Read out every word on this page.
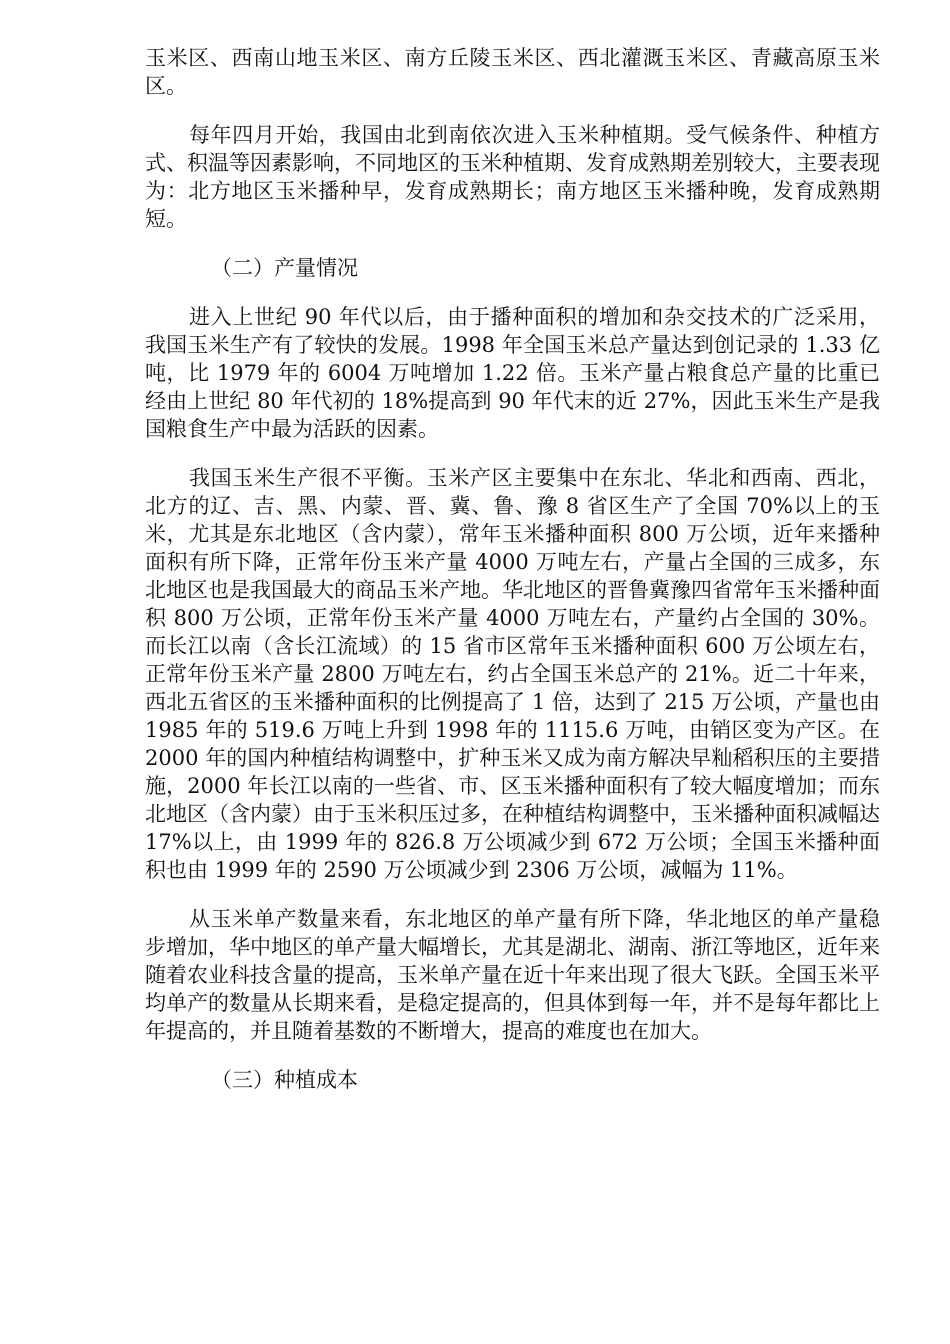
玉米区、西南山地玉米区、南方丘陵玉米区、西北灌溉玉米区、青藏高原玉米区。

每年四月开始，我国由北到南依次进入玉米种植期。受气候条件、种植方式、积温等因素影响，不同地区的玉米种植期、发育成熟期差别较大，主要表现为：北方地区玉米播种早，发育成熟期长；南方地区玉米播种晚，发育成熟期短。

（二）产量情况

进入上世纪 90 年代以后，由于播种面积的增加和杂交技术的广泛采用，我国玉米生产有了较快的发展。1998 年全国玉米总产量达到创记录的 1.33 亿吨，比 1979 年的 6004 万吨增加 1.22 倍。玉米产量占粮食总产量的比重已经由上世纪 80 年代初的 18%提高到 90 年代末的近 27%，因此玉米生产是我国粮食生产中最为活跃的因素。

我国玉米生产很不平衡。玉米产区主要集中在东北、华北和西南、西北，北方的辽、吉、黑、内蒙、晋、冀、鲁、豫 8 省区生产了全国 70%以上的玉米，尤其是东北地区（含内蒙），常年玉米播种面积 800 万公顷，近年来播种面积有所下降，正常年份玉米产量 4000 万吨左右，产量占全国的三成多，东北地区也是我国最大的商品玉米产地。华北地区的晋鲁冀豫四省常年玉米播种面积 800 万公顷，正常年份玉米产量 4000 万吨左右，产量约占全国的 30%。而长江以南（含长江流域）的 15 省市区常年玉米播种面积 600 万公顷左右，正常年份玉米产量 2800 万吨左右，约占全国玉米总产的 21%。近二十年来，西北五省区的玉米播种面积的比例提高了 1 倍，达到了 215 万公顷，产量也由 1985 年的 519.6 万吨上升到 1998 年的 1115.6 万吨，由销区变为产区。在 2000 年的国内种植结构调整中，扩种玉米又成为南方解决早籼稻积压的主要措施，2000 年长江以南的一些省、市、区玉米播种面积有了较大幅度增加；而东北地区（含内蒙）由于玉米积压过多，在种植结构调整中，玉米播种面积减幅达 17%以上，由 1999 年的 826.8 万公顷减少到 672 万公顷；全国玉米播种面积也由 1999 年的 2590 万公顷减少到 2306 万公顷，减幅为 11%。

从玉米单产数量来看，东北地区的单产量有所下降，华北地区的单产量稳步增加，华中地区的单产量大幅增长，尤其是湖北、湖南、浙江等地区，近年来随着农业科技含量的提高，玉米单产量在近十年来出现了很大飞跃。全国玉米平均单产的数量从长期来看，是稳定提高的，但具体到每一年，并不是每年都比上年提高的，并且随着基数的不断增大，提高的难度也在加大。

（三）种植成本
